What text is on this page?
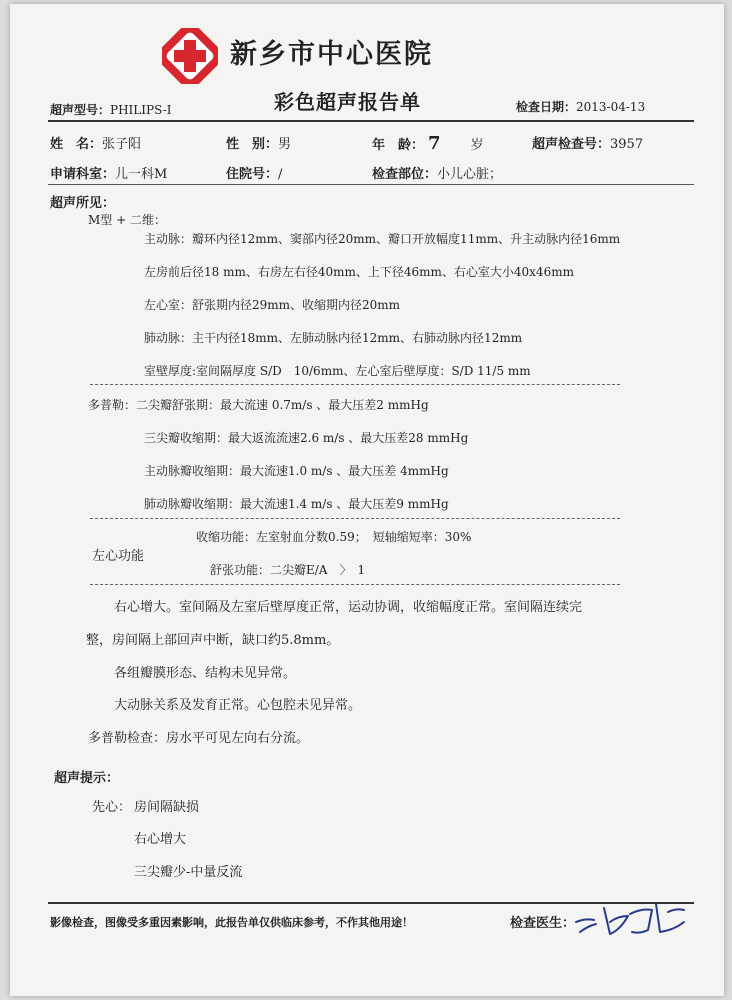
新乡市中心医院
彩色超声报告单
超声型号：PHILIPS-I	检查日期：2013-04-13
姓　名：张子阳	性　别：男	年　龄： 7 岁	超声检查号：3957
申请科室：儿一科M	住院号：/	检查部位：小儿心脏；
超声所见：
M型 + 二维：
主动脉：瓣环内径12mm、窦部内径20mm、瓣口开放幅度11mm、升主动脉内径16mm
左房前后径18 mm、右房左右径40mm、上下径46mm、右心室大小40x46mm
左心室：舒张期内径29mm、收缩期内径20mm
肺动脉：主干内径18mm、左肺动脉内径12mm、右肺动脉内径12mm
室壁厚度:室间隔厚度 S/D　10/6mm、左心室后壁厚度：S/D 11/5 mm
多普勒：二尖瓣舒张期：最大流速 0.7m/s 、最大压差2 mmHg
三尖瓣收缩期：最大返流流速2.6 m/s 、最大压差28 mmHg
主动脉瓣收缩期：最大流速1.0 m/s 、最大压差 4mmHg
肺动脉瓣收缩期：最大流速1.4 m/s 、最大压差9 mmHg
左心功能
收缩功能：左室射血分数0.59；　短轴缩短率：30%
舒张功能：二尖瓣E/A　〉　1
右心增大。室间隔及左室后壁厚度正常，运动协调，收缩幅度正常。室间隔连续完
整，房间隔上部回声中断，缺口约5.8mm。
各组瓣膜形态、结构未见异常。
大动脉关系及发育正常。心包腔未见异常。
多普勒检查：房水平可见左向右分流。
超声提示：
先心： 房间隔缺损
右心增大
三尖瓣少-中量反流
影像检查，图像受多重因素影响，此报告单仅供临床参考，不作其他用途！	检查医生：
